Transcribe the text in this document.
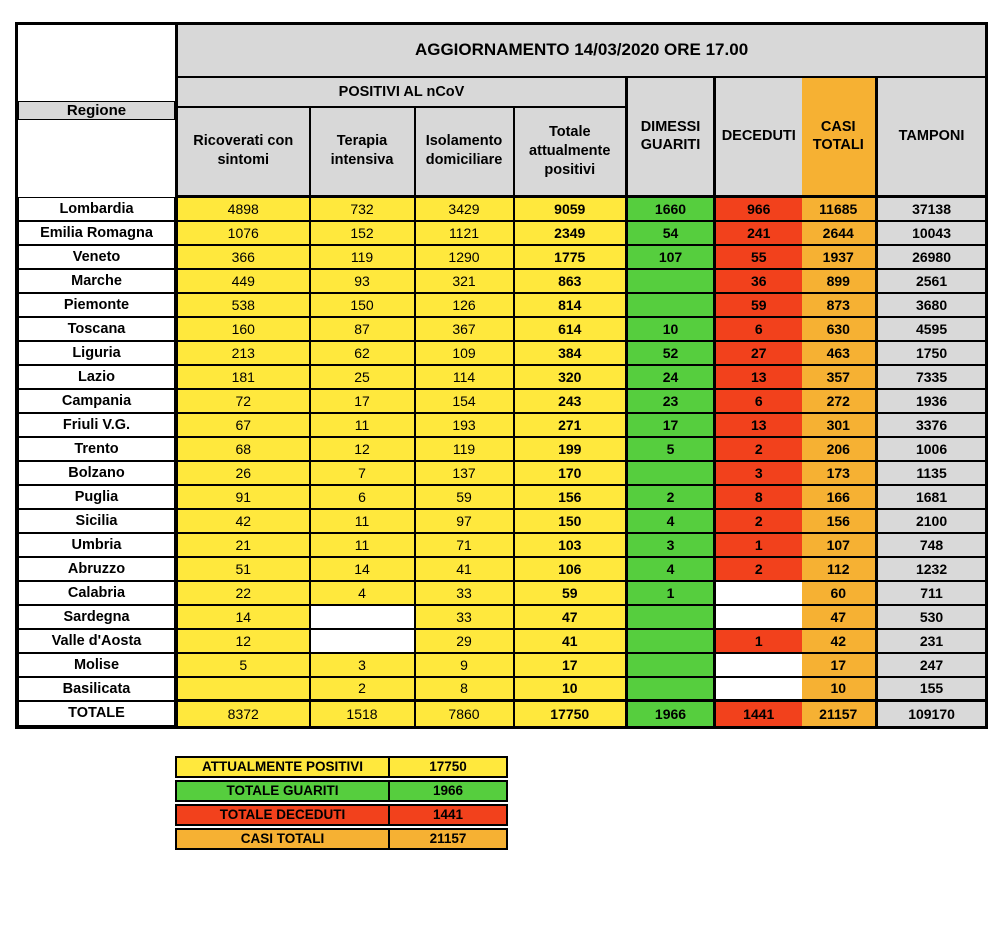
Regione	AGGIORNAMENTO 14/03/2020 ORE 17.00							
	POSITIVI AL nCoV				DIMESSI GUARITI	DECEDUTI	CASI TOTALI	TAMPONI
	Ricoverati con sintomi	Terapia intensiva	Isolamento domiciliare	Totale attualmente positivi				

Lombardia	4898	732	3429	9059	1660	966	11685	37138

Emilia Romagna	1076	152	1121	2349	54	241	2644	10043

Veneto	366	119	1290	1775	107	55	1937	26980

Marche	449	93	321	863		36	899	2561

Piemonte	538	150	126	814		59	873	3680

Toscana	160	87	367	614	10	6	630	4595

Liguria	213	62	109	384	52	27	463	1750

Lazio	181	25	114	320	24	13	357	7335

Campania	72	17	154	243	23	6	272	1936

Friuli V.G.	67	11	193	271	17	13	301	3376

Trento	68	12	119	199	5	2	206	1006

Bolzano	26	7	137	170		3	173	1135

Puglia	91	6	59	156	2	8	166	1681

Sicilia	42	11	97	150	4	2	156	2100

Umbria	21	11	71	103	3	1	107	748

Abruzzo	51	14	41	106	4	2	112	1232

Calabria	22	4	33	59	1		60	711

Sardegna	14		33	47			47	530

Valle d'Aosta	12		29	41		1	42	231

Molise	5	3	9	17			17	247

Basilicata		2	8	10			10	155

TOTALE	8372	1518	7860	17750	1966	1441	21157	109170
ATTUALMENTE POSITIVI	17750
TOTALE GUARITI	1966
TOTALE DECEDUTI	1441
CASI TOTALI	21157
